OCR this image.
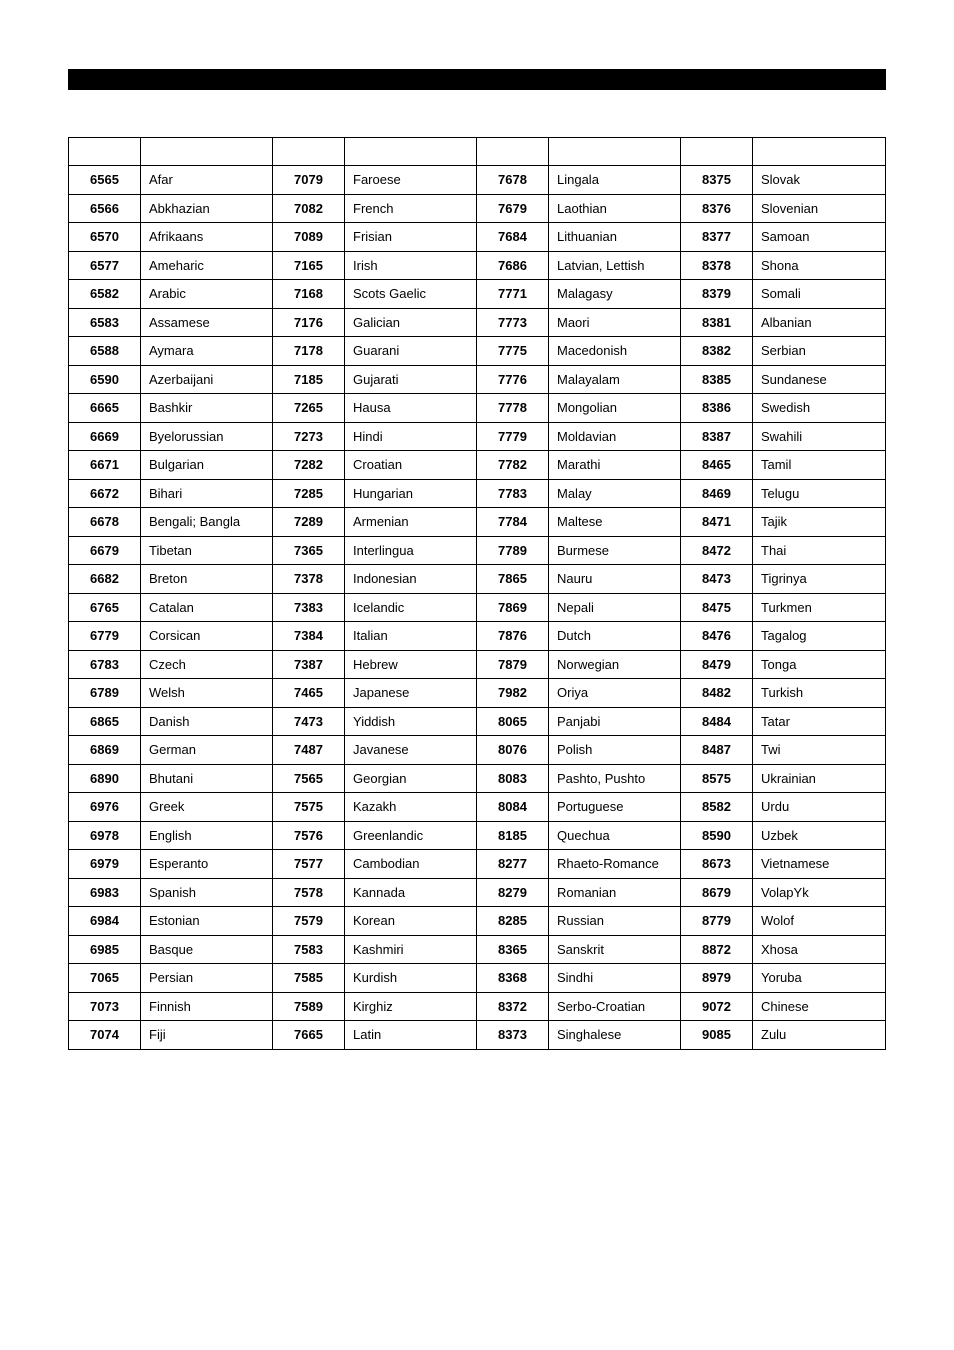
6565	Afar	7079	Faroese	7678	Lingala	8375	Slovak
6566	Abkhazian	7082	French	7679	Laothian	8376	Slovenian
6570	Afrikaans	7089	Frisian	7684	Lithuanian	8377	Samoan
6577	Ameharic	7165	Irish	7686	Latvian, Lettish	8378	Shona
6582	Arabic	7168	Scots Gaelic	7771	Malagasy	8379	Somali
6583	Assamese	7176	Galician	7773	Maori	8381	Albanian
6588	Aymara	7178	Guarani	7775	Macedonish	8382	Serbian
6590	Azerbaijani	7185	Gujarati	7776	Malayalam	8385	Sundanese
6665	Bashkir	7265	Hausa	7778	Mongolian	8386	Swedish
6669	Byelorussian	7273	Hindi	7779	Moldavian	8387	Swahili
6671	Bulgarian	7282	Croatian	7782	Marathi	8465	Tamil
6672	Bihari	7285	Hungarian	7783	Malay	8469	Telugu
6678	Bengali; Bangla	7289	Armenian	7784	Maltese	8471	Tajik
6679	Tibetan	7365	Interlingua	7789	Burmese	8472	Thai
6682	Breton	7378	Indonesian	7865	Nauru	8473	Tigrinya
6765	Catalan	7383	Icelandic	7869	Nepali	8475	Turkmen
6779	Corsican	7384	Italian	7876	Dutch	8476	Tagalog
6783	Czech	7387	Hebrew	7879	Norwegian	8479	Tonga
6789	Welsh	7465	Japanese	7982	Oriya	8482	Turkish
6865	Danish	7473	Yiddish	8065	Panjabi	8484	Tatar
6869	German	7487	Javanese	8076	Polish	8487	Twi
6890	Bhutani	7565	Georgian	8083	Pashto, Pushto	8575	Ukrainian
6976	Greek	7575	Kazakh	8084	Portuguese	8582	Urdu
6978	English	7576	Greenlandic	8185	Quechua	8590	Uzbek
6979	Esperanto	7577	Cambodian	8277	Rhaeto-Romance	8673	Vietnamese
6983	Spanish	7578	Kannada	8279	Romanian	8679	VolapYk
6984	Estonian	7579	Korean	8285	Russian	8779	Wolof
6985	Basque	7583	Kashmiri	8365	Sanskrit	8872	Xhosa
7065	Persian	7585	Kurdish	8368	Sindhi	8979	Yoruba
7073	Finnish	7589	Kirghiz	8372	Serbo-Croatian	9072	Chinese
7074	Fiji	7665	Latin	8373	Singhalese	9085	Zulu
